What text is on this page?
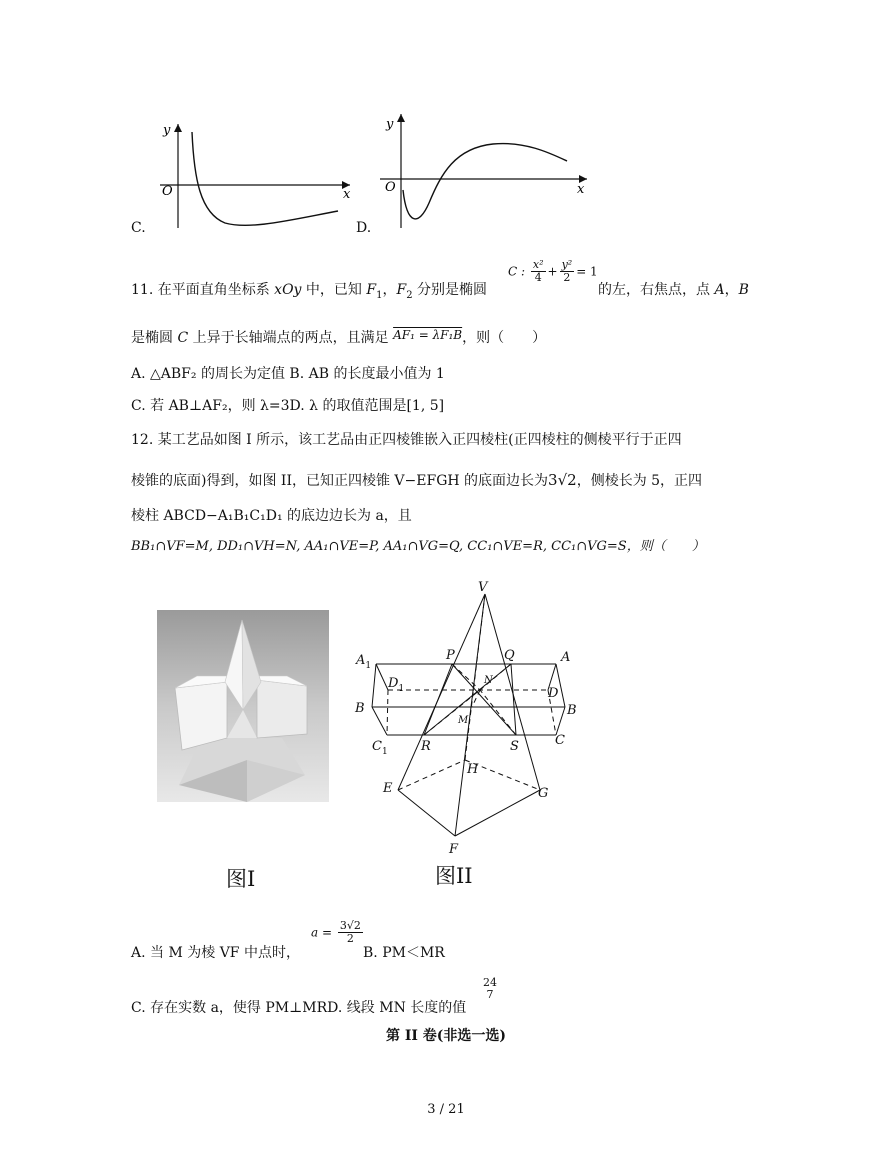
y
x
O
C.
y
x
O
D.
11. 在平面直角坐标系 xOy 中，已知 $F_1$，$F_2$ 分别是椭圆
C : $\frac{\text{x²}}{4} + \frac{\text{y²}}{2} = 1$
的左，右焦点，点 A，B
是椭圆 C 上异于长轴端点的两点，且满足 AF₁ = λF₁B，则（　　）
A. △ABF₂ 的周长为定值 B. AB 的长度最小值为 1
C. 若 AB⊥AF₂，则 λ=3D. λ 的取值范围是[1, 5]
12. 某工艺品如图 I 所示，该工艺品由正四棱锥嵌入正四棱柱(正四棱柱的侧棱平行于正四
棱锥的底面)得到，如图 II，已知正四棱锥 V−EFGH 的底面边长为3√2，侧棱长为 5，正四
棱柱 ABCD−A₁B₁C₁D₁ 的底边边长为 a，且
BB₁∩VF=M, DD₁∩VH=N, AA₁∩VE=P, AA₁∩VG=Q, CC₁∩VE=R, CC₁∩VG=S，则（　　）
图I
V
P	Q
$A_1$
A
$D_1$	D
N
M
B	B
$C_1$
C
R	S
H
E	G
F
图II
A. 当 M 为棱 VF 中点时，
$a = \frac{3√2}{2}$
B. PM＜MR
C. 存在实数 a，使得 PM⊥MRD. 线段 MN 长度的值
24
7
第 II 卷(非选一选)
3 / 21
